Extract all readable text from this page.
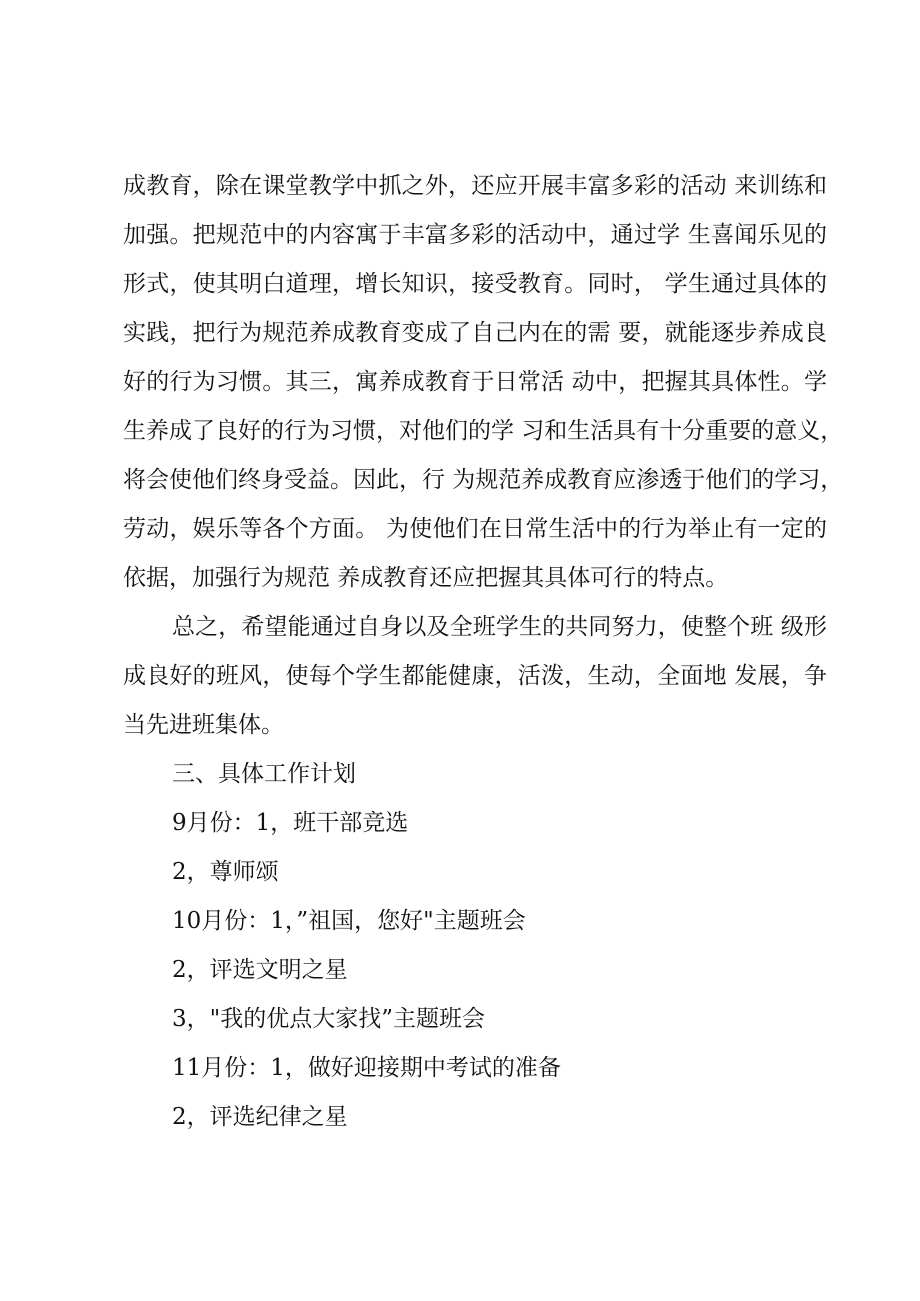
成教育，除在课堂教学中抓之外，还应开展丰富多彩的活动 来训练和
加强。把规范中的内容寓于丰富多彩的活动中，通过学 生喜闻乐见的
形式，使其明白道理，增长知识，接受教育。同时， 学生通过具体的
实践，把行为规范养成教育变成了自己内在的需 要，就能逐步养成良
好的行为习惯。其三，寓养成教育于日常活 动中，把握其具体性。学
生养成了良好的行为习惯，对他们的学 习和生活具有十分重要的意义，
将会使他们终身受益。因此，行 为规范养成教育应渗透于他们的学习，
劳动，娱乐等各个方面。 为使他们在日常生活中的行为举止有一定的
依据，加强行为规范 养成教育还应把握其具体可行的特点。
总之，希望能通过自身以及全班学生的共同努力，使整个班 级形
成良好的班风，使每个学生都能健康，活泼，生动，全面地 发展，争
当先进班集体。
三、具体工作计划
9月份：1，班干部竞选
2，尊师颂
10月份：1，”祖国，您好"主题班会
2，评选文明之星
3，"我的优点大家找”主题班会
11月份：1，做好迎接期中考试的准备
2，评选纪律之星
